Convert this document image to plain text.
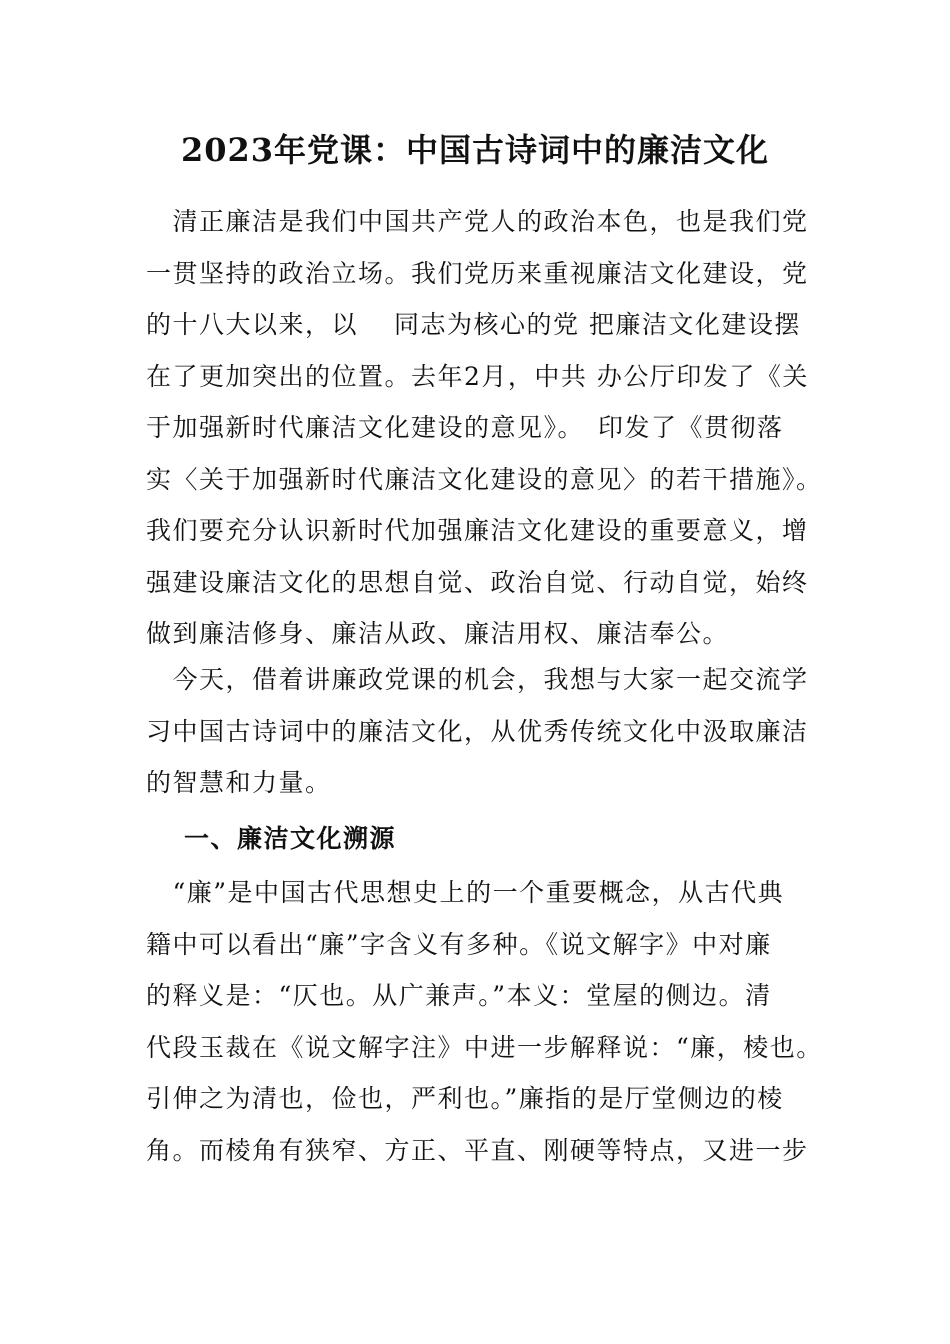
2023年党课：中国古诗词中的廉洁文化
　清正廉洁是我们中国共产党人的政治本色，也是我们党
一贯坚持的政治立场。我们党历来重视廉洁文化建设，党
的十八大以来，以　 同志为核心的党 把廉洁文化建设摆
在了更加突出的位置。去年2月，中共 办公厅印发了《关
于加强新时代廉洁文化建设的意见》。　印发了《贯彻落
实〈关于加强新时代廉洁文化建设的意见〉的若干措施》。
我们要充分认识新时代加强廉洁文化建设的重要意义，增
强建设廉洁文化的思想自觉、政治自觉、行动自觉，始终
做到廉洁修身、廉洁从政、廉洁用权、廉洁奉公。
　今天，借着讲廉政党课的机会，我想与大家一起交流学
习中国古诗词中的廉洁文化，从优秀传统文化中汲取廉洁
的智慧和力量。
一、廉洁文化溯源
　“廉”是中国古代思想史上的一个重要概念，从古代典
籍中可以看出“廉”字含义有多种。《说文解字》中对廉
的释义是：“仄也。从广兼声。”本义：堂屋的侧边。清
代段玉裁在《说文解字注》中进一步解释说：“廉，棱也。
引伸之为清也，俭也，严利也。”廉指的是厅堂侧边的棱
角。而棱角有狭窄、方正、平直、刚硬等特点，又进一步
